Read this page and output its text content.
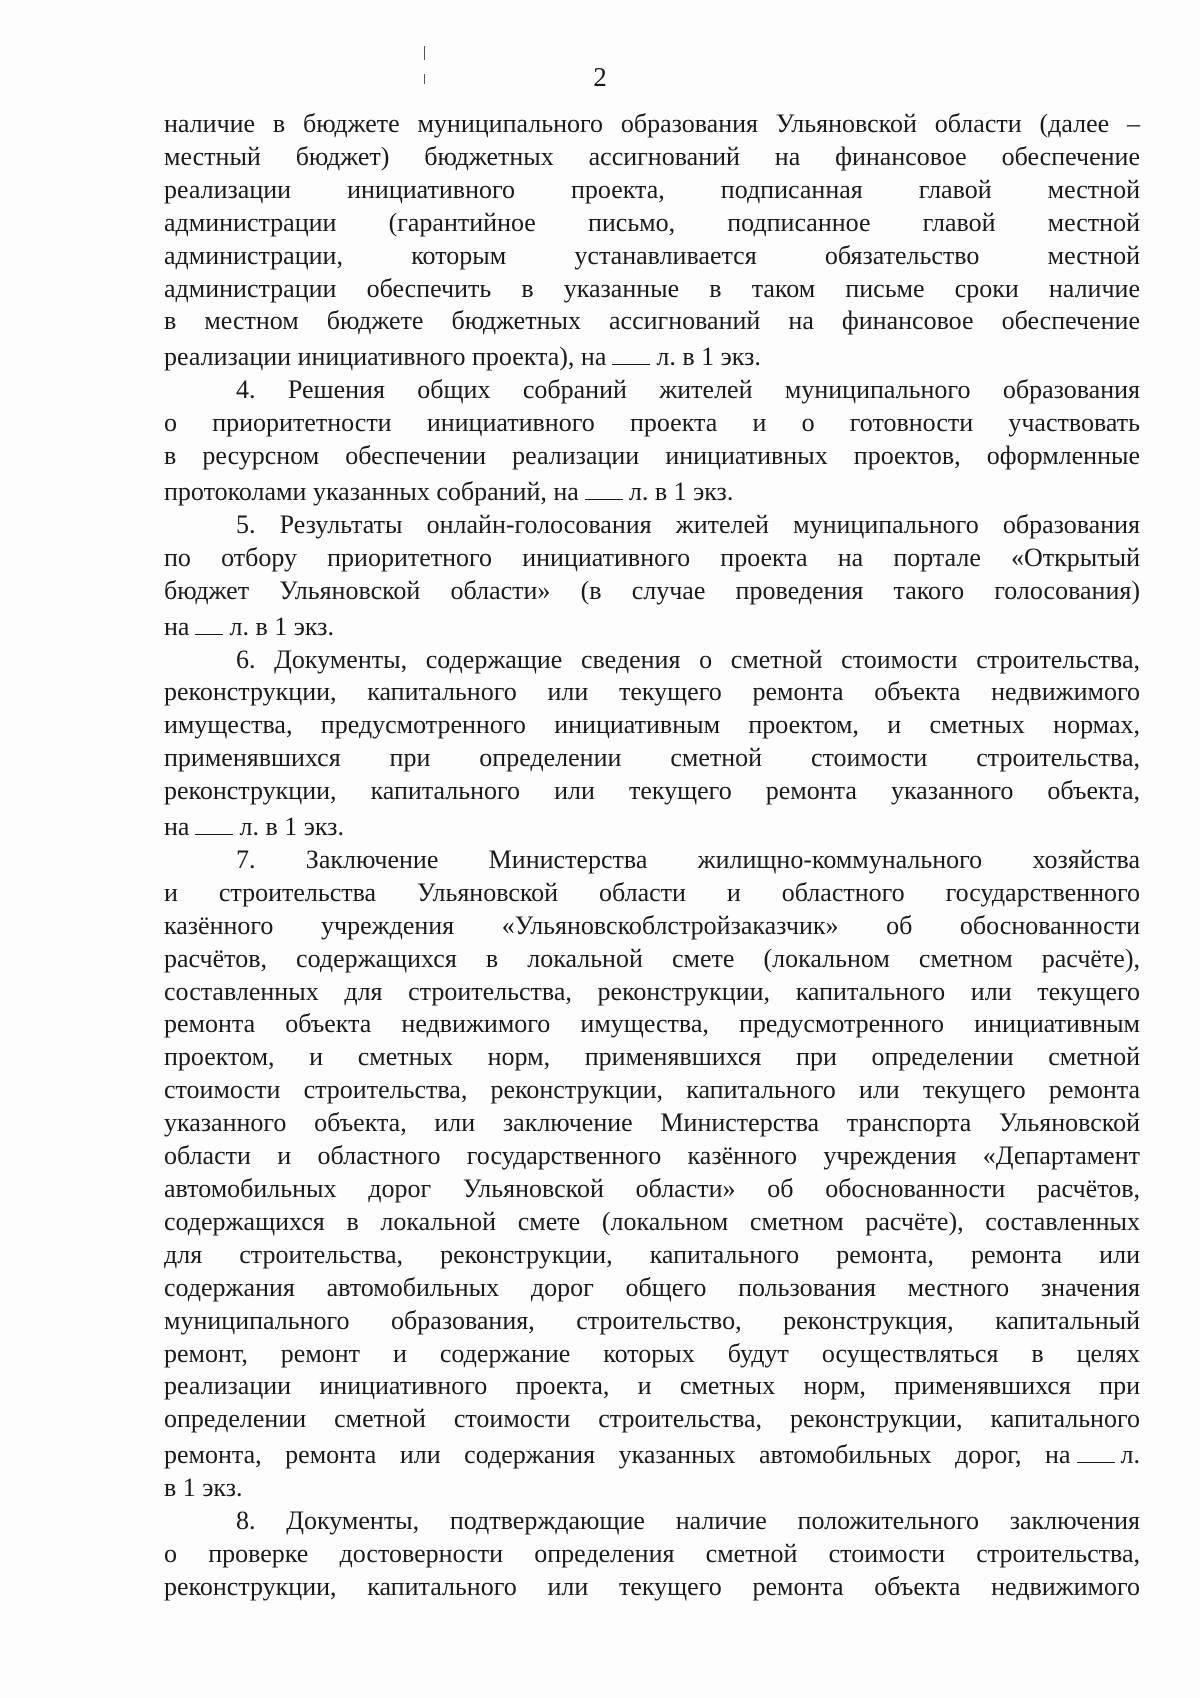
2
наличие в бюджете муниципального образования Ульяновской области (далее –
местный бюджет) бюджетных ассигнований на финансовое обеспечение
реализации инициативного проекта, подписанная главой местной
администрации (гарантийное письмо, подписанное главой местной
администрации, которым устанавливается обязательство местной
администрации обеспечить в указанные в таком письме сроки наличие
в местном бюджете бюджетных ассигнований на финансовое обеспечение
реализации инициативного проекта), на л. в 1 экз.
4. Решения общих собраний жителей муниципального образования
о приоритетности инициативного проекта и о готовности участвовать
в ресурсном обеспечении реализации инициативных проектов, оформленные
протоколами указанных собраний, на л. в 1 экз.
5. Результаты онлайн-голосования жителей муниципального образования
по отбору приоритетного инициативного проекта на портале «Открытый
бюджет Ульяновской области» (в случае проведения такого голосования)
на л. в 1 экз.
6. Документы, содержащие сведения о сметной стоимости строительства,
реконструкции, капитального или текущего ремонта объекта недвижимого
имущества, предусмотренного инициативным проектом, и сметных нормах,
применявшихся при определении сметной стоимости строительства,
реконструкции, капитального или текущего ремонта указанного объекта,
на л. в 1 экз.
7. Заключение Министерства жилищно-коммунального хозяйства
и строительства Ульяновской области и областного государственного
казённого учреждения «Ульяновскоблстройзаказчик» об обоснованности
расчётов, содержащихся в локальной смете (локальном сметном расчёте),
составленных для строительства, реконструкции, капитального или текущего
ремонта объекта недвижимого имущества, предусмотренного инициативным
проектом, и сметных норм, применявшихся при определении сметной
стоимости строительства, реконструкции, капитального или текущего ремонта
указанного объекта, или заключение Министерства транспорта Ульяновской
области и областного государственного казённого учреждения «Департамент
автомобильных дорог Ульяновской области» об обоснованности расчётов,
содержащихся в локальной смете (локальном сметном расчёте), составленных
для строительства, реконструкции, капитального ремонта, ремонта или
содержания автомобильных дорог общего пользования местного значения
муниципального образования, строительство, реконструкция, капитальный
ремонт, ремонт и содержание которых будут осуществляться в целях
реализации инициативного проекта, и сметных норм, применявшихся при
определении сметной стоимости строительства, реконструкции, капитального
ремонта, ремонта или содержания указанных автомобильных дорог, на л.
в 1 экз.
8. Документы, подтверждающие наличие положительного заключения
о проверке достоверности определения сметной стоимости строительства,
реконструкции, капитального или текущего ремонта объекта недвижимого
